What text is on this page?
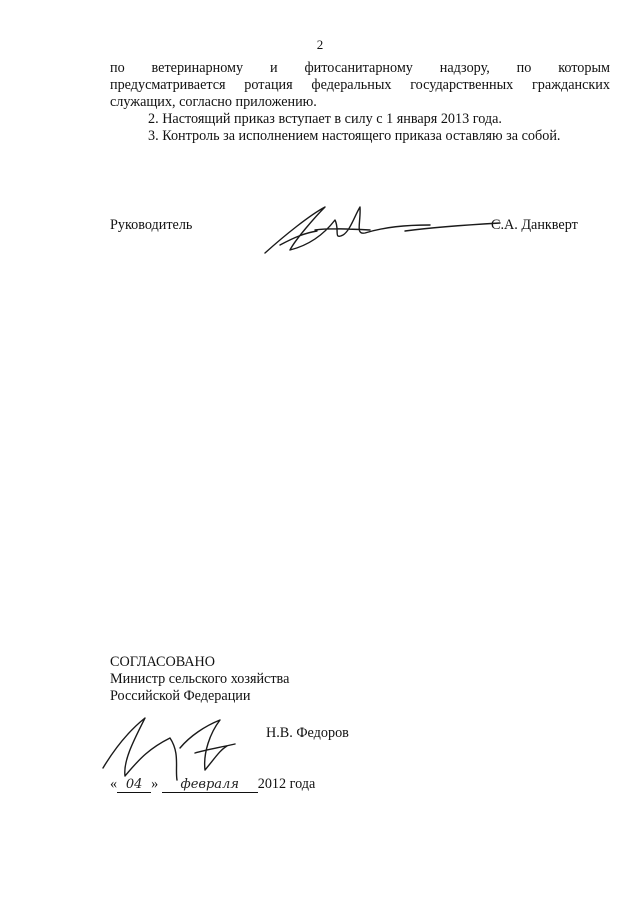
2
по ветеринарному и фитосанитарному надзору, по которым
предусматривается ротация федеральных государственных гражданских
служащих, согласно приложению.
2. Настоящий приказ вступает в силу с 1 января 2013 года.
3. Контроль за исполнением настоящего приказа оставляю за собой.
Руководитель	С.А. Данкверт
СОГЛАСОВАНО
Министр сельского хозяйства
Российской Федерации
Н.В. Федоров
« 04 » февраля 2012 года
